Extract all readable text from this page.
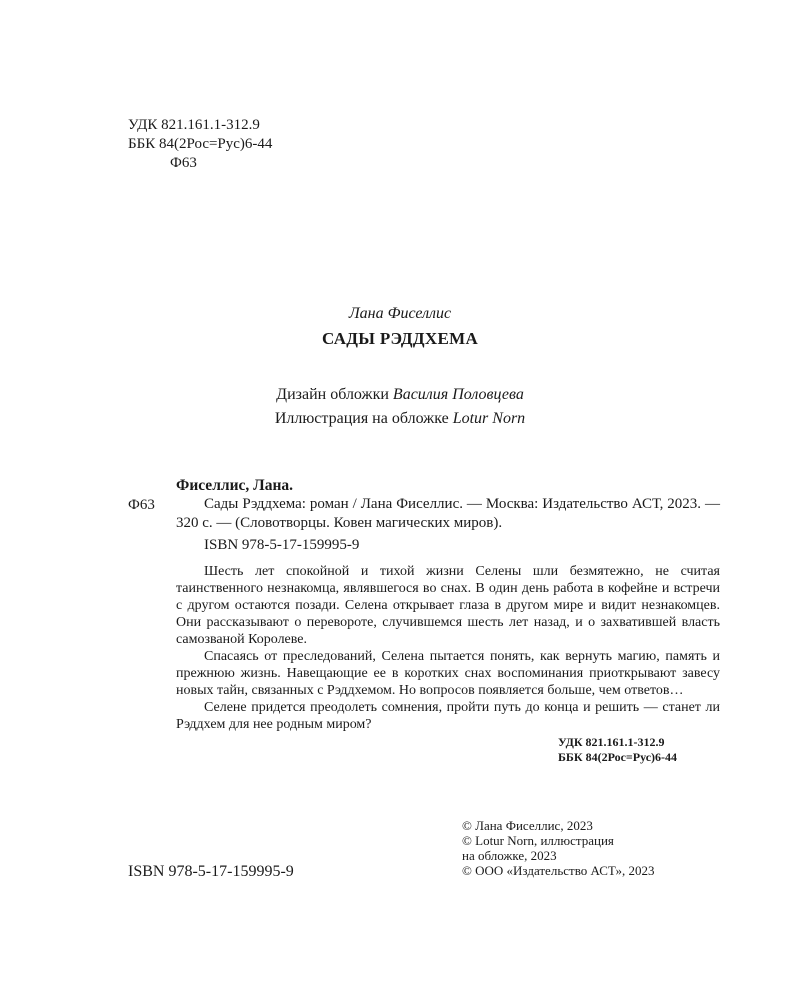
УДК 821.161.1-312.9
ББК 84(2Рос=Рус)6-44
Ф63
Лана Фиселлис
САДЫ РЭДДХЕМА
Дизайн обложки Василия Половцева
Иллюстрация на обложке Lotur Norn
Ф63
Фиселлис, Лана.
Сады Рэддхема: роман / Лана Фиселлис. — Москва: Издательство АСТ, 2023. — 320 с. — (Словотворцы. Ковен магических миров).
ISBN 978-5-17-159995-9

Шесть лет спокойной и тихой жизни Селены шли безмятежно, не считая таинственного незнакомца, являвшегося во снах. В один день работа в кофейне и встречи с другом остаются позади. Селена открывает глаза в другом мире и видит незнакомцев. Они рассказывают о перевороте, случившемся шесть лет назад, и о захватившей власть самозваной Королеве.

Спасаясь от преследований, Селена пытается понять, как вернуть магию, память и прежнюю жизнь. Навещающие ее в коротких снах воспоминания приоткрывают завесу новых тайн, связанных с Рэддхемом. Но вопросов появляется больше, чем ответов…

Селене придется преодолеть сомнения, пройти путь до конца и решить — станет ли Рэддхем для нее родным миром?

УДК 821.161.1-312.9
ББК 84(2Рос=Рус)6-44
ISBN 978-5-17-159995-9
© Лана Фиселлис, 2023
© Lotur Norn, иллюстрация
на обложке, 2023
© ООО «Издательство АСТ», 2023
